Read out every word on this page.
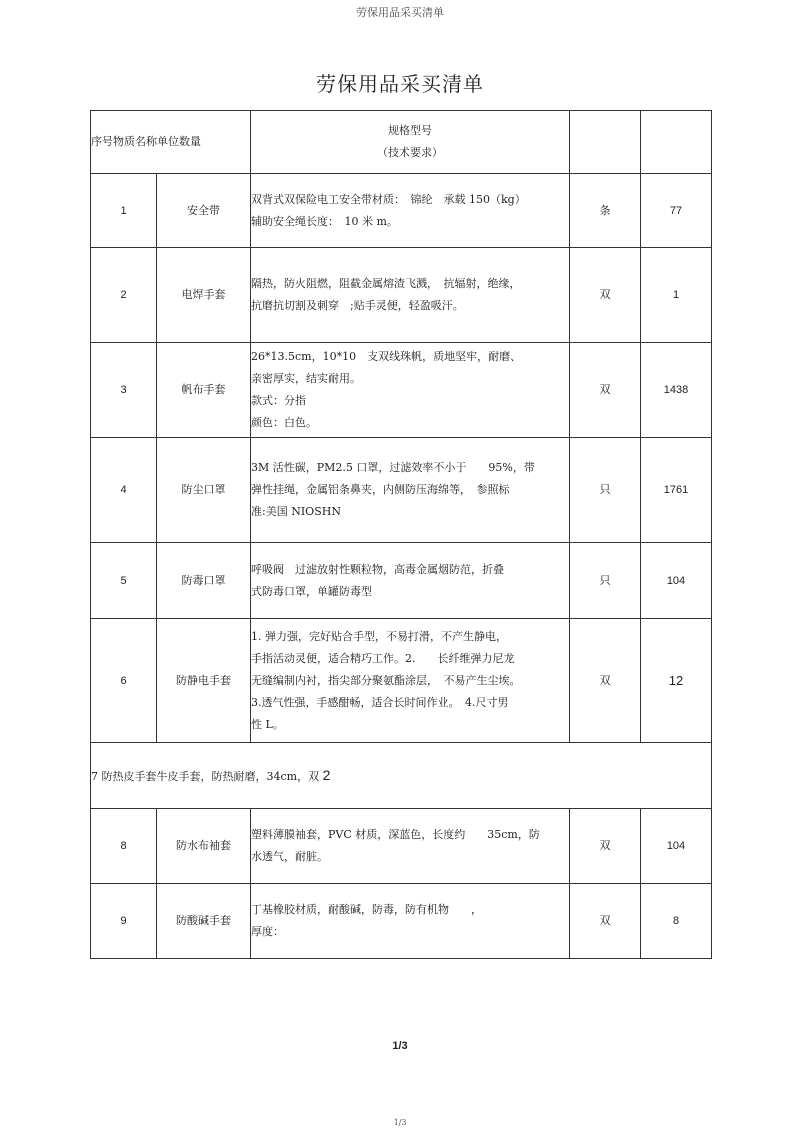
劳保用品采买清单
劳保用品采买清单
序号物质名称单位数量		规格型号
（技术要求）		

1	安全带	双背式双保险电工安全带材质：　锦纶　承载 150（kg）
辅助安全绳长度：　10 米 m。	条	77
2	电焊手套	隔热，防火阻燃，阻截金属熔渣飞溅，　抗辐射，绝缘，
抗磨抗切割及刺穿　;贴手灵便，轻盈吸汗。	双	1
3	帆布手套	26*13.5cm，10*10　支双线珠帆，质地坚牢，耐磨、
亲密厚实，结实耐用。
款式：分指
颜色：白色。	双	1438
4	防尘口罩	3M 活性碳，PM2.5 口罩，过滤效率不小于　　95%，带
弹性挂绳，金属铝条鼻夹，内侧防压海绵等，　参照标
准:美国 NIOSHN	只	1761
5	防毒口罩	呼吸阀　过滤放射性颗粒物，高毒金属烟防范，折叠
式防毒口罩，单罐防毒型	只	104
6	防静电手套	1. 弹力强，完好贴合手型，不易打滑，不产生静电，
手指活动灵便，适合精巧工作。2.　　长纤维弹力尼龙
无缝编制内衬，指尖部分聚氨酯涂层，　不易产生尘埃。
3.透气性强，手感酣畅，适合长时间作业。　4.尺寸男
性 L。	双	12
7 防热皮手套牛皮手套，防热耐磨，34cm，双 2				
8	防水布袖套	塑料薄膜袖套，PVC 材质，深蓝色，长度约　　35cm，防
水透气，耐脏。	双	104
9	防酸碱手套	丁基橡胶材质，耐酸碱，防毒，防有机物　　，
厚度：	双	8
1/3
1/3
